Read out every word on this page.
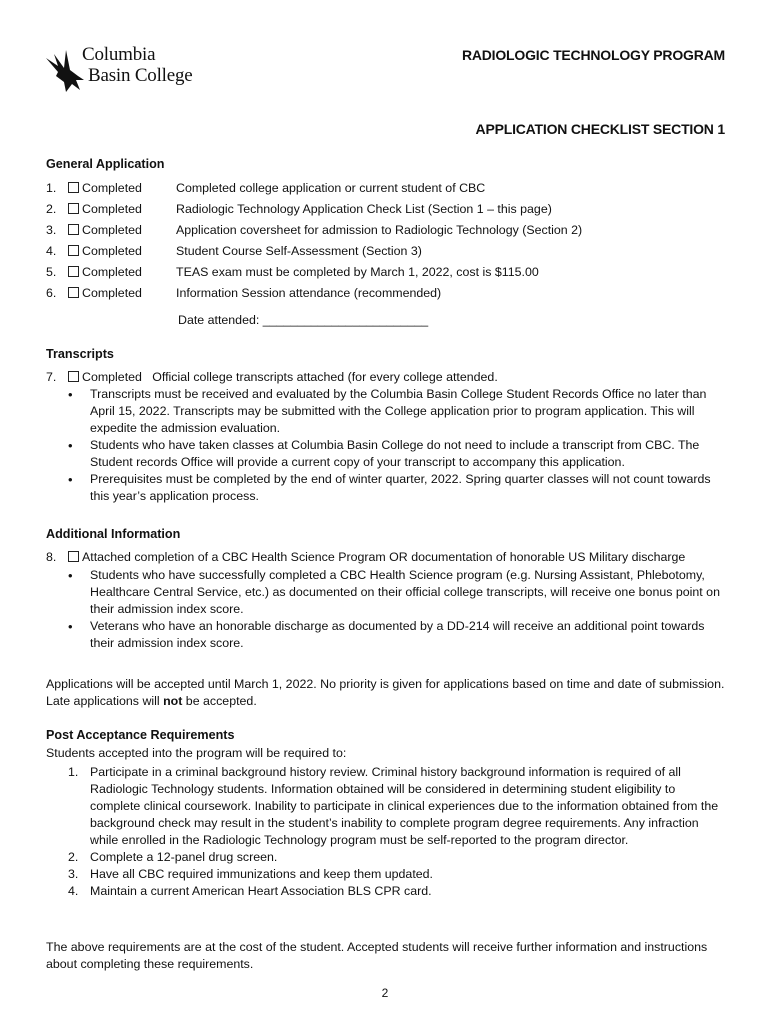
Columbia
Basin College
RADIOLOGIC TECHNOLOGY PROGRAM
APPLICATION CHECKLIST SECTION 1
General Application
1. Completed	Completed college application or current student of CBC
2. Completed	Radiologic Technology Application Check List (Section 1 – this page)
3. Completed	Application coversheet for admission to Radiologic Technology (Section 2)
4. Completed	Student Course Self-Assessment (Section 3)
5. Completed	TEAS exam must be completed by March 1, 2022, cost is $115.00
6. Completed	Information Session attendance (recommended)
Date attended: ________________________
Transcripts
7. Completed Official college transcripts attached (for every college attended.
• Transcripts must be received and evaluated by the Columbia Basin College Student Records Office no later than April 15, 2022. Transcripts may be submitted with the College application prior to program application. This will expedite the admission evaluation.
• Students who have taken classes at Columbia Basin College do not need to include a transcript from CBC. The Student records Office will provide a current copy of your transcript to accompany this application.
• Prerequisites must be completed by the end of winter quarter, 2022. Spring quarter classes will not count towards this year’s application process.
Additional Information
8. Attached completion of a CBC Health Science Program OR documentation of honorable US Military discharge
• Students who have successfully completed a CBC Health Science program (e.g. Nursing Assistant, Phlebotomy, Healthcare Central Service, etc.) as documented on their official college transcripts, will receive one bonus point on their admission index score.
• Veterans who have an honorable discharge as documented by a DD-214 will receive an additional point towards their admission index score.
Applications will be accepted until March 1, 2022. No priority is given for applications based on time and date of submission. Late applications will not be accepted.
Post Acceptance Requirements
Students accepted into the program will be required to:
1. Participate in a criminal background history review. Criminal history background information is required of all Radiologic Technology students. Information obtained will be considered in determining student eligibility to complete clinical coursework. Inability to participate in clinical experiences due to the information obtained from the background check may result in the student’s inability to complete program degree requirements. Any infraction while enrolled in the Radiologic Technology program must be self-reported to the program director.
2. Complete a 12-panel drug screen.
3. Have all CBC required immunizations and keep them updated.
4. Maintain a current American Heart Association BLS CPR card.
The above requirements are at the cost of the student. Accepted students will receive further information and instructions about completing these requirements.
2
